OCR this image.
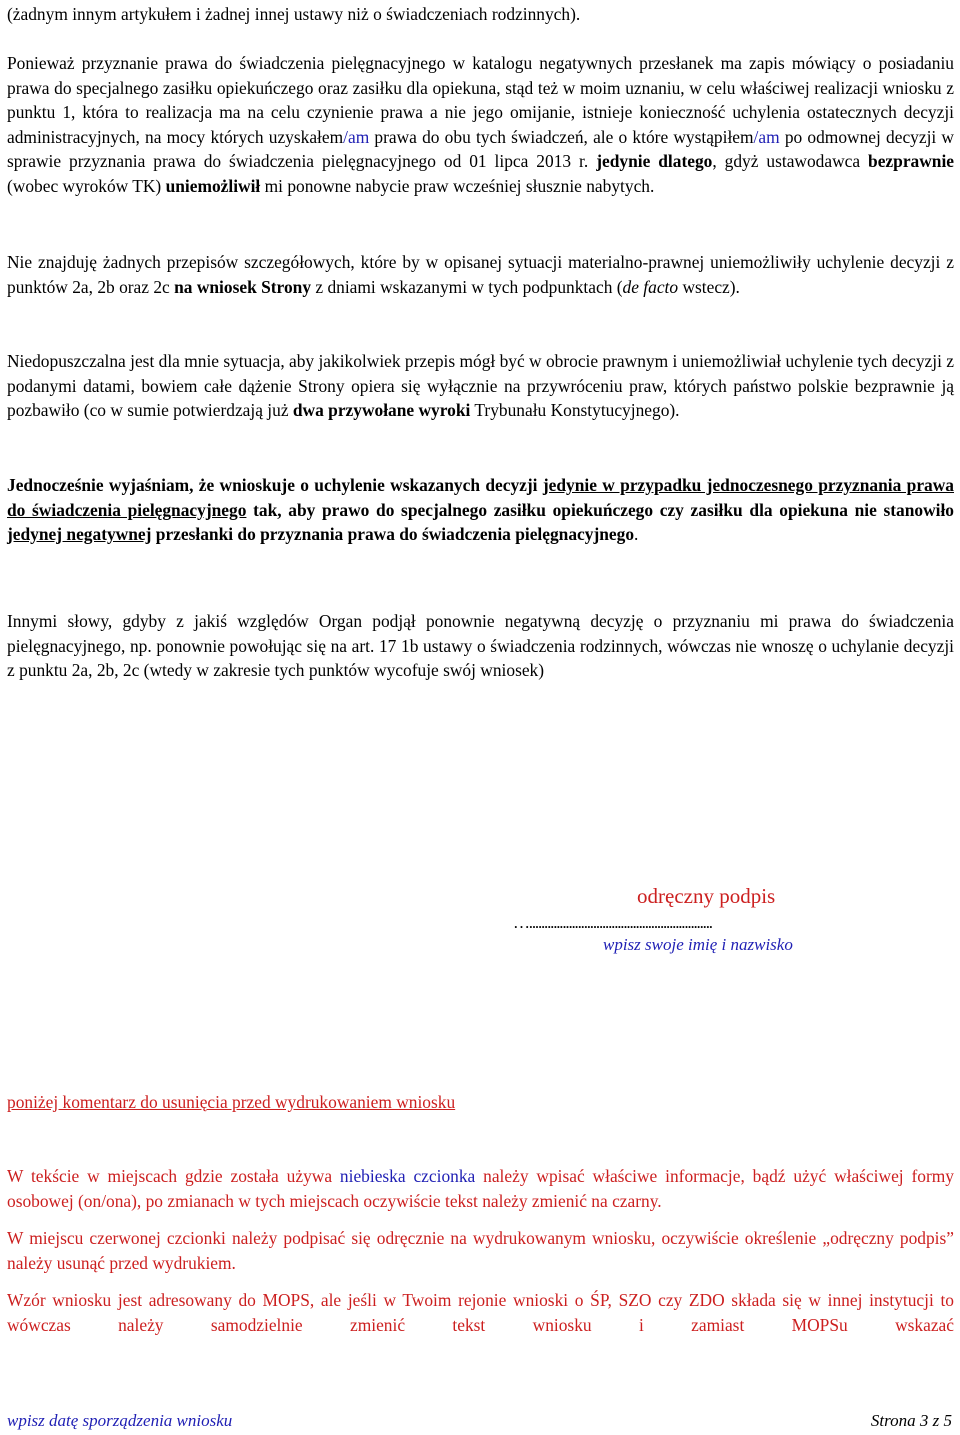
(żadnym innym artykułem i żadnej innej ustawy niż o świadczeniach rodzinnych).

Ponieważ przyznanie prawa do świadczenia pielęgnacyjnego w katalogu negatywnych przesłanek ma zapis mówiący o posiadaniu prawa do specjalnego zasiłku opiekuńczego oraz zasiłku dla opiekuna, stąd też w moim uznaniu, w celu właściwej realizacji wniosku z punktu 1, która to realizacja ma na celu czynienie prawa a nie jego omijanie, istnieje konieczność uchylenia ostatecznych decyzji administracyjnych, na mocy których uzyskałem/am prawa do obu tych świadczeń, ale o które wystąpiłem/am po odmownej decyzji w sprawie przyznania prawa do świadczenia pielęgnacyjnego od 01 lipca 2013 r. jedynie dlatego, gdyż ustawodawca bezprawnie (wobec wyroków TK) uniemożliwił mi ponowne nabycie praw wcześniej słusznie nabytych.

Nie znajduję żadnych przepisów szczegółowych, które by w opisanej sytuacji materialno-prawnej uniemożliwiły uchylenie decyzji z punktów 2a, 2b oraz 2c na wniosek Strony z dniami wskazanymi w tych podpunktach (de facto wstecz).

Niedopuszczalna jest dla mnie sytuacja, aby jakikolwiek przepis mógł być w obrocie prawnym i uniemożliwiał uchylenie tych decyzji z podanymi datami, bowiem całe dążenie Strony opiera się wyłącznie na przywróceniu praw, których państwo polskie bezprawnie ją pozbawiło (co w sumie potwierdzają już dwa przywołane wyroki Trybunału Konstytucyjnego).

Jednocześnie wyjaśniam, że wnioskuje o uchylenie wskazanych decyzji jedynie w przypadku jednoczesnego przyznania prawa do świadczenia pielęgnacyjnego tak, aby prawo do specjalnego zasiłku opiekuńczego czy zasiłku dla opiekuna nie stanowiło jedynej negatywnej przesłanki do przyznania prawa do świadczenia pielęgnacyjnego.

Innymi słowy, gdyby z jakiś względów Organ podjął ponownie negatywną decyzję o przyznaniu mi prawa do świadczenia pielęgnacyjnego, np. ponownie powołując się na art. 17 1b ustawy o świadczenia rodzinnych, wówczas nie wnoszę o uchylanie decyzji z punktu 2a, 2b, 2c (wtedy w zakresie tych punktów wycofuje swój wniosek)

odręczny podpis
…............................................................
wpisz swoje imię i nazwisko
poniżej komentarz do usunięcia przed wydrukowaniem wniosku

W tekście w miejscach gdzie została używa niebieska czcionka należy wpisać właściwe informacje, bądź użyć właściwej formy osobowej (on/ona), po zmianach w tych miejscach oczywiście tekst należy zmienić na czarny.

W miejscu czerwonej czcionki należy podpisać się odręcznie na wydrukowanym wniosku, oczywiście określenie „odręczny podpis” należy usunąć przed wydrukiem.

Wzór wniosku jest adresowany do MOPS, ale jeśli w Twoim rejonie wnioski o ŚP, SZO czy ZDO składa się w innej instytucji to wówczas należy samodzielnie zmienić tekst wniosku i zamiast MOPSu wskazać

wpisz datę sporządzenia wniosku	Strona 3 z 5
